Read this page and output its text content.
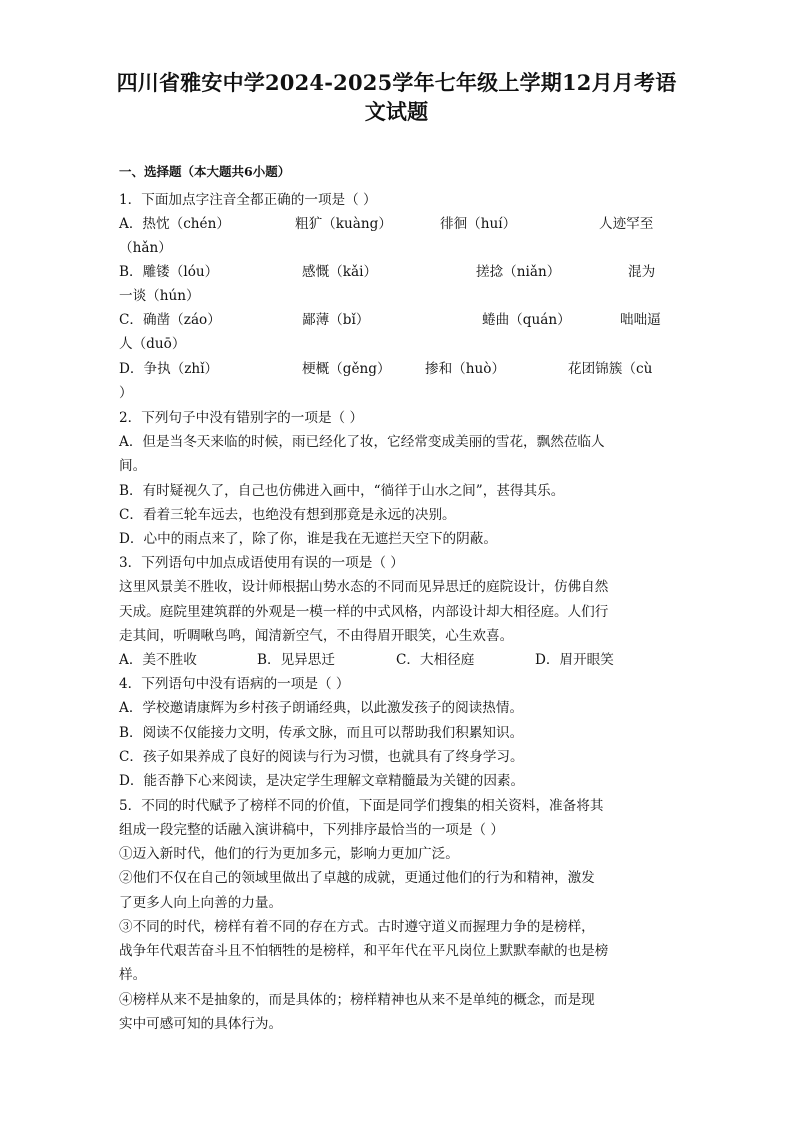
四川省雅安中学2024-2025学年七年级上学期12月月考语
文试题
一、选择题（本大题共6小题）
1．下面加点字注音全都正确的一项是（ ）
A．热忱（chén）	粗犷（kuàng）	徘徊（huí）	人迹罕至
（hǎn）
B．雕镂（lóu）	感慨（kǎi）	搓捻（niǎn）	混为
一谈（hún）
C．确凿（záo）	鄙薄（bǐ）	蜷曲（quán）	咄咄逼
人（duō）
D．争执（zhǐ）	梗概（gěng）	掺和（huò）	花团锦簇（cù
）
2．下列句子中没有错别字的一项是（ ）
A．但是当冬天来临的时候，雨已经化了妆，它经常变成美丽的雪花，飘然莅临人
间。
B．有时疑视久了，自己也仿佛进入画中，“徜徉于山水之间”，甚得其乐。
C．看着三轮车远去，也绝没有想到那竟是永远的决别。
D．心中的雨点来了，除了你，谁是我在无遮拦天空下的阴蔽。
3．下列语句中加点成语使用有误的一项是（ ）
这里风景美不胜收，设计师根据山势水态的不同而见异思迁的庭院设计，仿佛自然
天成。庭院里建筑群的外观是一模一样的中式风格，内部设计却大相径庭。人们行
走其间，听啁啾鸟鸣，闻清新空气，不由得眉开眼笑，心生欢喜。
A．美不胜收	B．见异思迁	C．大相径庭	D．眉开眼笑
4．下列语句中没有语病的一项是（ ）
A．学校邀请康辉为乡村孩子朗诵经典，以此激发孩子的阅读热情。
B．阅读不仅能接力文明，传承文脉，而且可以帮助我们积累知识。
C．孩子如果养成了良好的阅读与行为习惯，也就具有了终身学习。
D．能否静下心来阅读，是决定学生理解文章精髓最为关键的因素。
5．不同的时代赋予了榜样不同的价值，下面是同学们搜集的相关资料，准备将其
组成一段完整的话融入演讲稿中，下列排序最恰当的一项是（ ）
①迈入新时代，他们的行为更加多元，影响力更加广泛。
②他们不仅在自己的领域里做出了卓越的成就，更通过他们的行为和精神，激发
了更多人向上向善的力量。
③不同的时代，榜样有着不同的存在方式。古时遵守道义而握理力争的是榜样，
战争年代艰苦奋斗且不怕牺牲的是榜样，和平年代在平凡岗位上默默奉献的也是榜
样。
④榜样从来不是抽象的，而是具体的；榜样精神也从来不是单纯的概念，而是现
实中可感可知的具体行为。
